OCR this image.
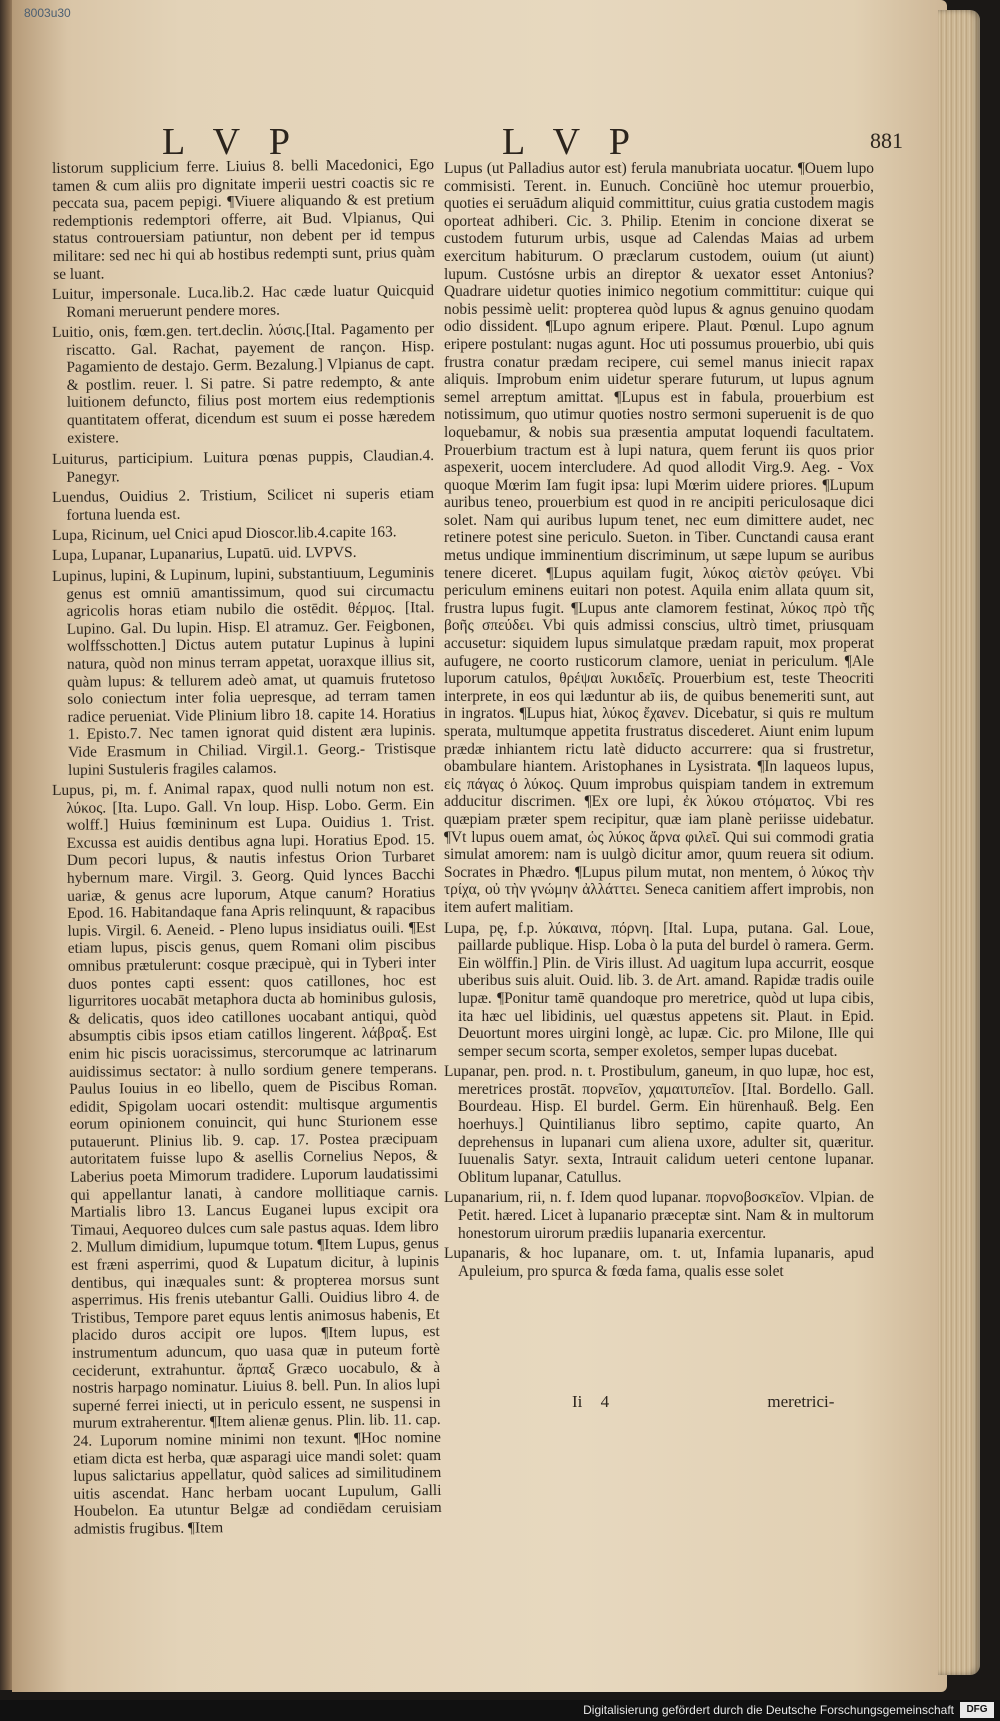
8003u30
L V P	L V P	881

listorum supplicium ferre. Liuius 8. belli Macedonici, Ego tamen & cum aliis pro dignitate imperii uestri coactis sic re peccata sua, pacem pepigi. ¶Viuere aliquando & est pretium redemptionis redemptori offerre, ait Bud. Vlpianus, Qui status controuersiam patiuntur, non debent per id tempus militare: sed nec hi qui ab hostibus redempti sunt, prius quàm se luant.

Luitur, impersonale. Luca.lib.2. Hac cæde luatur Quicquid Romani meruerunt pendere mores.

Luitio, onis, fœm.gen. tert.declin. λύσις.[Ital. Pagamento per riscatto. Gal. Rachat, payement de rançon. Hisp. Pagamiento de destajo. Germ. Bezalung.] Vlpianus de capt. & postlim. reuer. l. Si patre. Si patre redempto, & ante luitionem defuncto, filius post mortem eius redemptionis quantitatem offerat, dicendum est suum ei posse hæredem existere.

Luiturus, participium. Luitura pœnas puppis, Claudian.4. Panegyr.

Luendus, Ouidius 2. Tristium, Scilicet ni superis etiam fortuna luenda est.

Lupa, Ricinum, uel Cnici apud Dioscor.lib.4.capite 163.

Lupa, Lupanar, Lupanarius, Lupatū. uid. LVPVS.

Lupinus, lupini, & Lupinum, lupini, substantiuum, Leguminis genus est omniū amantissimum, quod sui circumactu agricolis horas etiam nubilo die ostēdit. θέρμος. [Ital. Lupino. Gal. Du lupin. Hisp. El atramuz. Ger. Feigbonen, wolffsschotten.] Dictus autem putatur Lupinus à lupini natura, quòd non minus terram appetat, uoraxque illius sit, quàm lupus: & tellurem adeò amat, ut quamuis frutetoso solo coniectum inter folia uepresque, ad terram tamen radice perueniat. Vide Plinium libro 18. capite 14. Horatius 1. Episto.7. Nec tamen ignorat quid distent æra lupinis. Vide Erasmum in Chiliad. Virgil.1. Georg.- Tristisque lupini Sustuleris fragiles calamos.

Lupus, pi, m. f. Animal rapax, quod nulli notum non est. λύκος. [Ita. Lupo. Gall. Vn loup. Hisp. Lobo. Germ. Ein wolff.] Huius fœmininum est Lupa. Ouidius 1. Trist. Excussa est auidis dentibus agna lupi. Horatius Epod. 15. Dum pecori lupus, & nautis infestus Orion Turbaret hybernum mare. Virgil. 3. Georg. Quid lynces Bacchi uariæ, & genus acre luporum, Atque canum? Horatius Epod. 16. Habitandaque fana Apris relinquunt, & rapacibus lupis. Virgil. 6. Aeneid. - Pleno lupus insidiatus ouili. ¶Est etiam lupus, piscis genus, quem Romani olim piscibus omnibus prætulerunt: cosque præcipuè, qui in Tyberi inter duos pontes capti essent: quos catillones, hoc est ligurritores uocabāt metaphora ducta ab hominibus gulosis, & delicatis, quos ideo catillones uocabant antiqui, quòd absumptis cibis ipsos etiam catillos lingerent. λάβραξ. Est enim hic piscis uoracissimus, stercorumque ac latrinarum auidissimus sectator: à nullo sordium genere temperans. Paulus Iouius in eo libello, quem de Piscibus Roman. edidit, Spigolam uocari ostendit: multisque argumentis eorum opinionem conuincit, qui hunc Sturionem esse putauerunt. Plinius lib. 9. cap. 17. Postea præcipuam autoritatem fuisse lupo & asellis Cornelius Nepos, & Laberius poeta Mimorum tradidere. Luporum laudatissimi qui appellantur lanati, à candore mollitiaque carnis. Martialis libro 13. Lancus Euganei lupus excipit ora Timaui, Aequoreo dulces cum sale pastus aquas. Idem libro 2. Mullum dimidium, lupumque totum. ¶Item Lupus, genus est fræni asperrimi, quod & Lupatum dicitur, à lupinis dentibus, qui inæquales sunt: & propterea morsus sunt asperrimus. His frenis utebantur Galli. Ouidius libro 4. de Tristibus, Tempore paret equus lentis animosus habenis, Et placido duros accipit ore lupos. ¶Item lupus, est instrumentum aduncum, quo uasa quæ in puteum fortè ceciderunt, extrahuntur. ἅρπαξ Græco uocabulo, & à nostris harpago nominatur. Liuius 8. bell. Pun. In alios lupi superné ferrei iniecti, ut in periculo essent, ne suspensi in murum extraherentur. ¶Item alienæ genus. Plin. lib. 11. cap. 24. Luporum nomine minimi non texunt. ¶Hoc nomine etiam dicta est herba, quæ asparagi uice mandi solet: quam lupus salictarius appellatur, quòd salices ad similitudinem uitis ascendat. Hanc herbam uocant Lupulum, Galli Houbelon. Ea utuntur Belgæ ad condiēdam ceruisiam admistis frugibus. ¶Item

Lupus (ut Palladius autor est) ferula manubriata uocatur. ¶Ouem lupo commisisti. Terent. in. Eunuch. Conciūnè hoc utemur prouerbio, quoties ei seruādum aliquid committitur, cuius gratia custodem magis oporteat adhiberi. Cic. 3. Philip. Etenim in concione dixerat se custodem futurum urbis, usque ad Calendas Maias ad urbem exercitum habiturum. O præclarum custodem, ouium (ut aiunt) lupum. Custósne urbis an direptor & uexator esset Antonius? Quadrare uidetur quoties inimico negotium committitur: cuique qui nobis pessimè uelit: propterea quòd lupus & agnus genuino quodam odio dissident. ¶Lupo agnum eripere. Plaut. Pœnul. Lupo agnum eripere postulant: nugas agunt. Hoc uti possumus prouerbio, ubi quis frustra conatur prædam recipere, cui semel manus iniecit rapax aliquis. Improbum enim uidetur sperare futurum, ut lupus agnum semel arreptum amittat. ¶Lupus est in fabula, prouerbium est notissimum, quo utimur quoties nostro sermoni superuenit is de quo loquebamur, & nobis sua præsentia amputat loquendi facultatem. Prouerbium tractum est à lupi natura, quem ferunt iis quos prior aspexerit, uocem intercludere. Ad quod allodit Virg.9. Aeg. - Vox quoque Mœrim Iam fugit ipsa: lupi Mœrim uidere priores. ¶Lupum auribus teneo, prouerbium est quod in re ancipiti periculosaque dici solet. Nam qui auribus lupum tenet, nec eum dimittere audet, nec retinere potest sine periculo. Sueton. in Tiber. Cunctandi causa erant metus undique imminentium discriminum, ut sæpe lupum se auribus tenere diceret. ¶Lupus aquilam fugit, λύκος αἰετὸν φεύγει. Vbi periculum eminens euitari non potest. Aquila enim allata quum sit, frustra lupus fugit. ¶Lupus ante clamorem festinat, λύκος πρὸ τῆς βοῆς σπεύδει. Vbi quis admissi conscius, ultrò timet, priusquam accusetur: siquidem lupus simulatque prædam rapuit, mox properat aufugere, ne coorto rusticorum clamore, ueniat in periculum. ¶Ale luporum catulos, θρέψαι λυκιδεῖς. Prouerbium est, teste Theocriti interprete, in eos qui læduntur ab iis, de quibus benemeriti sunt, aut in ingratos. ¶Lupus hiat, λύκος ἔχανεν. Dicebatur, si quis re multum sperata, multumque appetita frustratus discederet. Aiunt enim lupum prædæ inhiantem rictu latè diducto accurrere: qua si frustretur, obambulare hiantem. Aristophanes in Lysistrata. ¶In laqueos lupus, εἰς πάγας ὁ λύκος. Quum improbus quispiam tandem in extremum adducitur discrimen. ¶Ex ore lupi, ἐκ λύκου στόματος. Vbi res quæpiam præter spem recipitur, quæ iam planè periisse uidebatur. ¶Vt lupus ouem amat, ὡς λύκος ἄρνα φιλεῖ. Qui sui commodi gratia simulat amorem: nam is uulgò dicitur amor, quum reuera sit odium. Socrates in Phædro. ¶Lupus pilum mutat, non mentem, ὁ λύκος τὴν τρίχα, οὐ τὴν γνώμην ἀλλάττει. Seneca canitiem affert improbis, non item aufert malitiam.

Lupa, pę, f.p. λύκαινα, πόρνη. [Ital. Lupa, putana. Gal. Loue, paillarde publique. Hisp. Loba ò la puta del burdel ò ramera. Germ. Ein wölffin.] Plin. de Viris illust. Ad uagitum lupa accurrit, eosque uberibus suis aluit. Ouid. lib. 3. de Art. amand. Rapidæ tradis ouile lupæ. ¶Ponitur tamē quandoque pro meretrice, quòd ut lupa cibis, ita hæc uel libidinis, uel quæstus appetens sit. Plaut. in Epid. Deuortunt mores uirgini longè, ac lupæ. Cic. pro Milone, Ille qui semper secum scorta, semper exoletos, semper lupas ducebat.

Lupanar, pen. prod. n. t. Prostibulum, ganeum, in quo lupæ, hoc est, meretrices prostāt. πορνεῖον, χαμαιτυπεῖον. [Ital. Bordello. Gall. Bourdeau. Hisp. El burdel. Germ. Ein hürenhauß. Belg. Een hoerhuys.] Quintilianus libro septimo, capite quarto, An deprehensus in lupanari cum aliena uxore, adulter sit, quæritur. Iuuenalis Satyr. sexta, Intrauit calidum ueteri centone lupanar. Oblitum lupanar, Catullus.

Lupanarium, rii, n. f. Idem quod lupanar. πορνοβοσκεῖον. Vlpian. de Petit. hæred. Licet à lupanario præceptæ sint. Nam & in multorum honestorum uirorum prædiis lupanaria exercentur.

Lupanaris, & hoc lupanare, om. t. ut, Infamia lupanaris, apud Apuleium, pro spurca & fœda fama, qualis esse solet

Ii 4	meretrici-
Digitalisierung gefördert durch die Deutsche Forschungsgemeinschaft	DFG
